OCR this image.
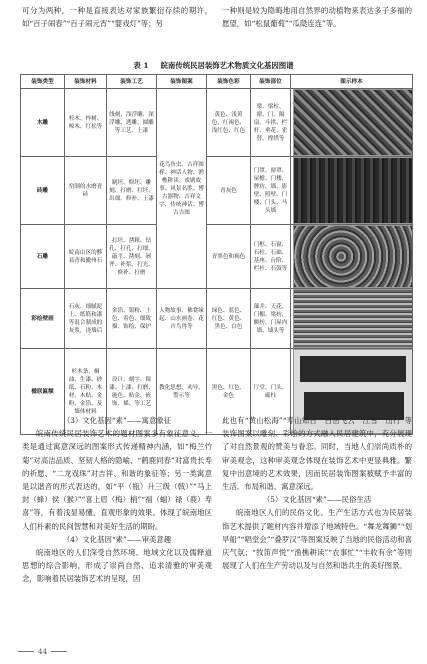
可分为两种，一种是直接表达对家族繁衍存续的期许，如“百子闹春”“百子闹元宵”“婴戏灯”等；另
一种则是较为隐晦地用自然界的动植物来表达多子多福的愿望，如“松鼠葡萄”“瓜瓞连连”等。
表 1 皖南传统民居装饰艺术物质文化基因图谱
装饰类型	装饰材料	装饰工艺	装饰图案	装饰色彩	装饰部位	图示样本
木雕	杉木、梓树、樟木、红松等	线刻、浅浮雕、深浮雕、透雕、圆雕等工艺、上漆	花鸟鱼虫、吉祥图样、神话人物、渔樵耕读、戏剧故事、风景名胜、博古器物、吉祥文字、传统神话、博古吉图	黄色、浅黄色、红褐色、浅红色、红色	梁、梁柱、窗、门、隔扇、斗拱、栏杆、垂花、雀替、撑拱等	

砖雕	窑制的水磨青砖	制坯、修坯、雕刻、打磨、打坯、出细、修补、上漆		青灰色	门罩、窗罩、屋檐、门楼、牌坊、墙、影壁、照壁、门楼、门头、马头墙	

石雕	皖南山区的黟县青和徽州石	打坯、凿粗、钻孔、打孔、打细、敲平、凿刻、剁斧、补浆、打光、修补、打磨		青黑色和褐色	门框、石窗、石柱、石础、基座、台阶、栏杆、石鼓等	

彩绘壁画	石灰、细腻泥土、纸筋和漆等混合制成的灰浆，浇墙后	金箔、银粉、上色、着色、细致描、饰绘、保护	人物故事、佛龛缘起、山水画卷、花卉鸟兽等	绿色、蓝色、红色、黄色、黑色、白色	藻井、天花、门楣、梁枋、额枋、门屋内墙、墙头等	

楹联匾额	杉木条、桐油、生漆、砂纸、石粉、木材、木贴、金粉、金箔、及墙体材料	设计、刻字、髹漆、上漆、打磨、施色、贴金、嵌饰、描、等工艺	教化思想、劝导、警示等	黑色、红色、金色	厅堂、门头、廊柱	

（3）文化基因“素”——寓意象征

皖南传统民居装饰艺术的题材图案多有象征意义，一类是通过寓意深远的图案形式传递精神内涵，如“梅兰竹菊”对高洁品质、坚韧人格的隐喻、“鹤鹿同春”对富贵长寿的祈愿、“二龙戏珠”对吉祥、和谐的象征等；另一类寓意是以谐音的形式表达的，如“平（瓶）升三级（戟）”“马上封（蜂）侯（猴）”“喜上眉（梅）梢”“福（蝠）禄（鹿）寿喜”等，有着浅显易懂、直观形象的效果。体现了皖南地区人们朴素的民间智慧和对美好生活的期盼。

（4）文化基因“素”——审美意趣

皖南地区的人们深受自然环境、地域文化以及儒释道思想的综合影响，形成了崇尚自然、追求清雅的审美观念，影响着民居装饰艺术的呈现，因

此也有“黄山松海”“寿山知日”“白岳飞云”“江雪”“山行”等装饰图案以雕刻、彩绘的方式融入民居建筑中，充分展现了对自然景观的赞美与眷恋。同时，当地人们崇尚质朴的审美观念，这种审美观念体现在装饰艺术中更显典雅。繁复中出意境的艺术效果，因而民居装饰图案被赋予丰富的生活、布局和谐、寓意深远。

（5）文化基因“素”——民俗生活

皖南地区人们的民俗文化、生产生活方式也为民居装饰艺术提供了题材内容并增添了地域特色。“舞龙舞狮”“划旱船”“唱堂会”“叠罗汉”等图案反映了当地的民俗活动和喜庆气氛；“牧笛声悦”“渔樵耕读”“农事忙”“丰收有余”等则展现了人们在生产劳动以及与自然和谐共生的美好图景。

44
